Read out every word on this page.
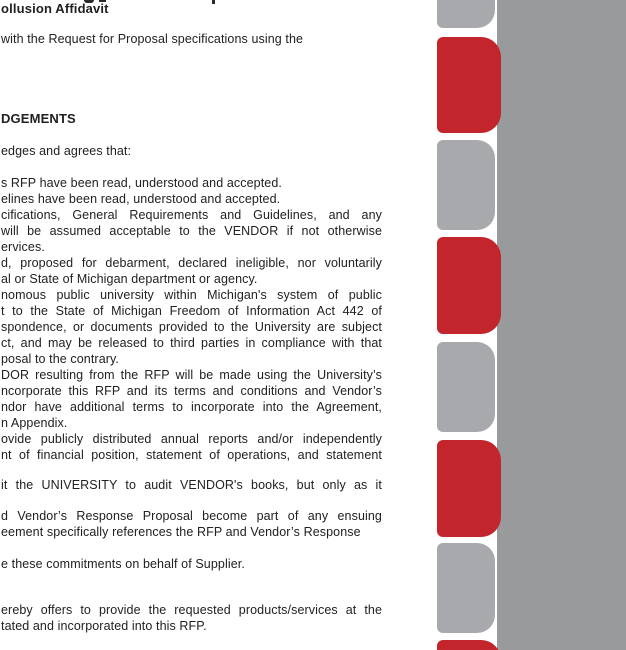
ollusion Affidavit
with the Request for Proposal specifications using the
DGEMENTS
edges and agrees that:
s RFP have been read, understood and accepted.
elines have been read, understood and accepted.
cifications, General Requirements and Guidelines, and any
will be assumed acceptable to the VENDOR if not otherwise
ervices.
d, proposed for debarment, declared ineligible, nor voluntarily
al or State of Michigan department or agency.
nomous public university within Michigan's system of public
t to the State of Michigan Freedom of Information Act 442 of
spondence, or documents provided to the University are subject
ct, and may be released to third parties in compliance with that
posal to the contrary.
DOR resulting from the RFP will be made using the University’s
ncorporate this RFP and its terms and conditions and Vendor’s
ndor have additional terms to incorporate into the Agreement,
n Appendix.
ovide publicly distributed annual reports and/or independently
nt of financial position, statement of operations, and statement
it the UNIVERSITY to audit VENDOR's books, but only as it
d Vendor’s Response Proposal become part of any ensuing
eement specifically references the RFP and Vendor’s Response
e these commitments on behalf of Supplier.
ereby offers to provide the requested products/services at the
tated and incorporated into this RFP.
